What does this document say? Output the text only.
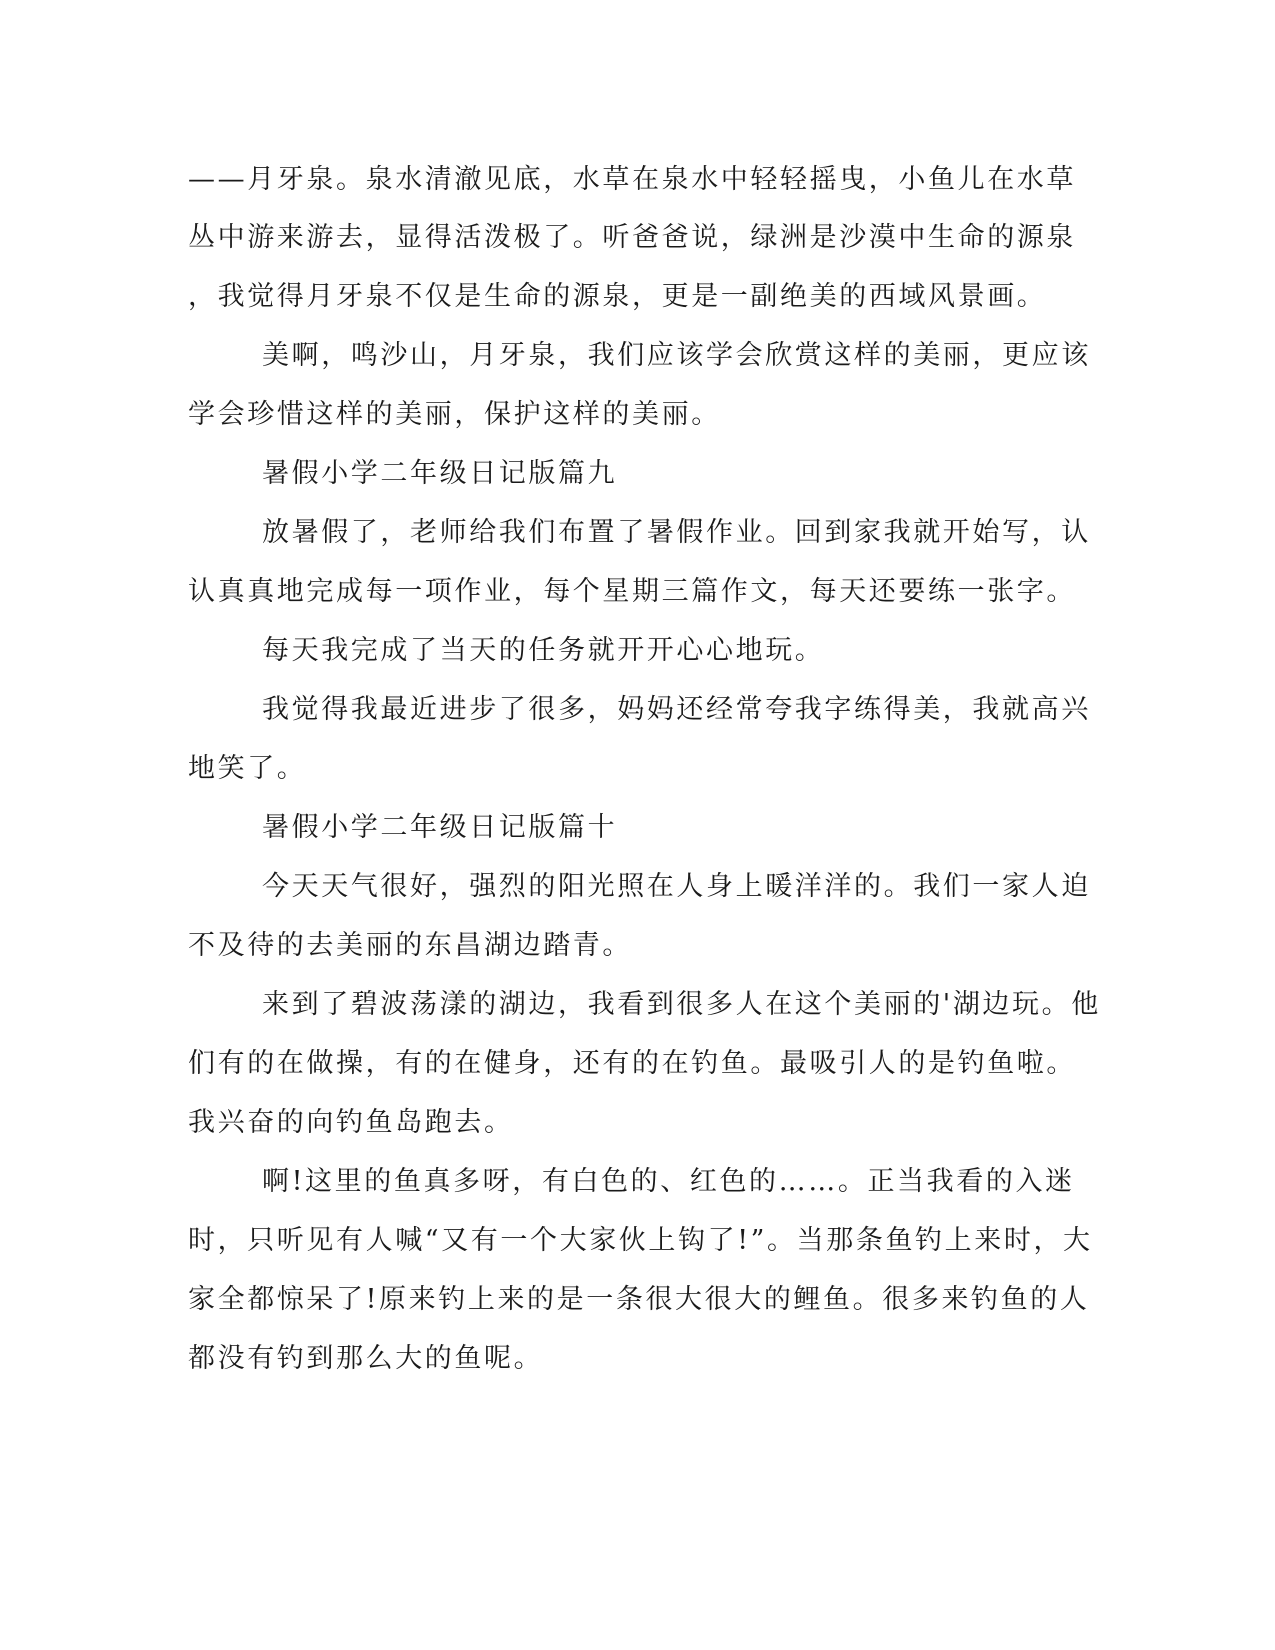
——月牙泉。泉水清澈见底，水草在泉水中轻轻摇曳，小鱼儿在水草

丛中游来游去，显得活泼极了。听爸爸说，绿洲是沙漠中生命的源泉

，我觉得月牙泉不仅是生命的源泉，更是一副绝美的西域风景画。

美啊，鸣沙山，月牙泉，我们应该学会欣赏这样的美丽，更应该

学会珍惜这样的美丽，保护这样的美丽。

暑假小学二年级日记版篇九

放暑假了，老师给我们布置了暑假作业。回到家我就开始写，认

认真真地完成每一项作业，每个星期三篇作文，每天还要练一张字。

每天我完成了当天的任务就开开心心地玩。

我觉得我最近进步了很多，妈妈还经常夸我字练得美，我就高兴

地笑了。

暑假小学二年级日记版篇十

今天天气很好，强烈的阳光照在人身上暖洋洋的。我们一家人迫

不及待的去美丽的东昌湖边踏青。

来到了碧波荡漾的湖边，我看到很多人在这个美丽的'湖边玩。他

们有的在做操，有的在健身，还有的在钓鱼。最吸引人的是钓鱼啦。

我兴奋的向钓鱼岛跑去。

啊!这里的鱼真多呀，有白色的、红色的……。正当我看的入迷

时，只听见有人喊“又有一个大家伙上钩了!”。当那条鱼钓上来时，大

家全都惊呆了!原来钓上来的是一条很大很大的鲤鱼。很多来钓鱼的人

都没有钓到那么大的鱼呢。
